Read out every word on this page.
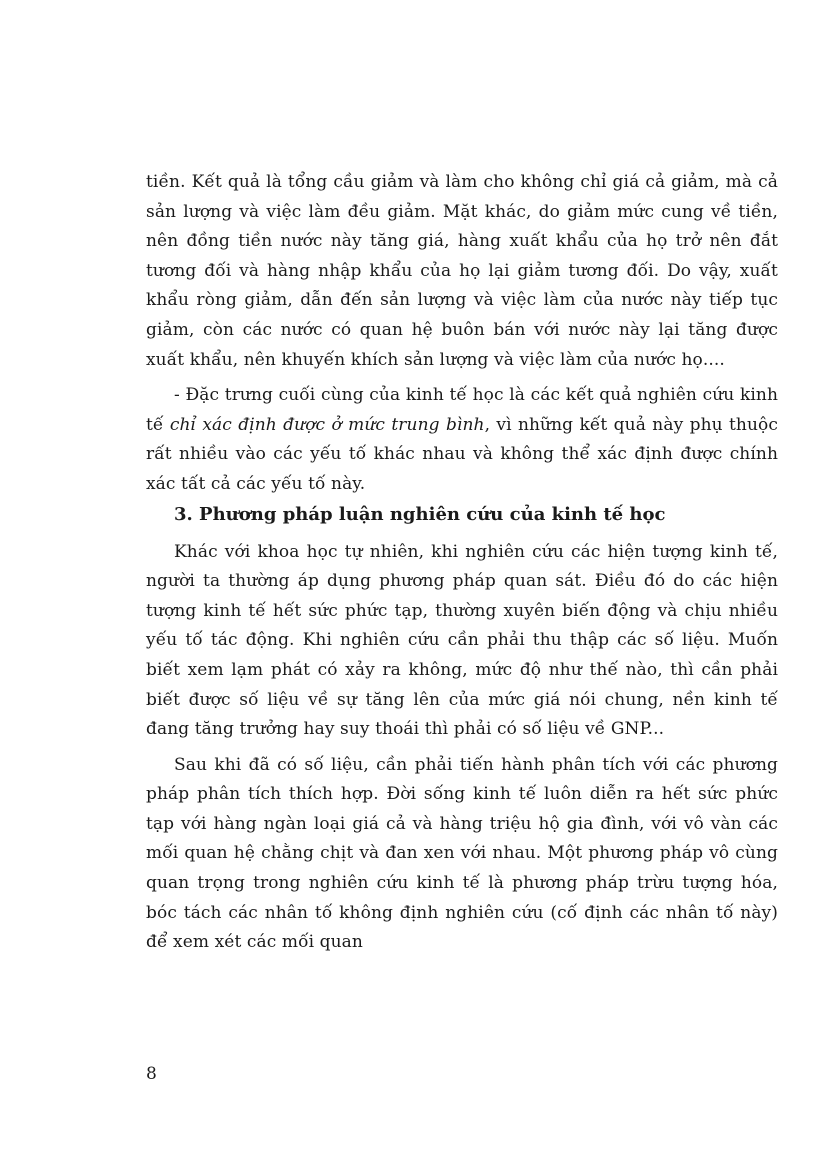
tiền. Kết quả là tổng cầu giảm và làm cho không chỉ giá cả giảm, mà cả sản lượng và việc làm đều giảm. Mặt khác, do giảm mức cung về tiền, nên đồng tiền nước này tăng giá, hàng xuất khẩu của họ trở nên đắt tương đối và hàng nhập khẩu của họ lại giảm tương đối. Do vậy, xuất khẩu ròng giảm, dẫn đến sản lượng và việc làm của nước này tiếp tục giảm, còn các nước có quan hệ buôn bán với nước này lại tăng được xuất khẩu, nên khuyến khích sản lượng và việc làm của nước họ....

- Đặc trưng cuối cùng của kinh tế học là các kết quả nghiên cứu kinh tế chỉ xác định được ở mức trung bình, vì những kết quả này phụ thuộc rất nhiều vào các yếu tố khác nhau và không thể xác định được chính xác tất cả các yếu tố này.

3. Phương pháp luận nghiên cứu của kinh tế học

Khác với khoa học tự nhiên, khi nghiên cứu các hiện tượng kinh tế, người ta thường áp dụng phương pháp quan sát. Điều đó do các hiện tượng kinh tế hết sức phức tạp, thường xuyên biến động và chịu nhiều yếu tố tác động. Khi nghiên cứu cần phải thu thập các số liệu. Muốn biết xem lạm phát có xảy ra không, mức độ như thế nào, thì cần phải biết được số liệu về sự tăng lên của mức giá nói chung, nền kinh tế đang tăng trưởng hay suy thoái thì phải có số liệu về GNP...

Sau khi đã có số liệu, cần phải tiến hành phân tích với các phương pháp phân tích thích hợp. Đời sống kinh tế luôn diễn ra hết sức phức tạp với hàng ngàn loại giá cả và hàng triệu hộ gia đình, với vô vàn các mối quan hệ chằng chịt và đan xen với nhau. Một phương pháp vô cùng quan trọng trong nghiên cứu kinh tế là phương pháp trừu tượng hóa, bóc tách các nhân tố không định nghiên cứu (cố định các nhân tố này) để xem xét các mối quan

8
